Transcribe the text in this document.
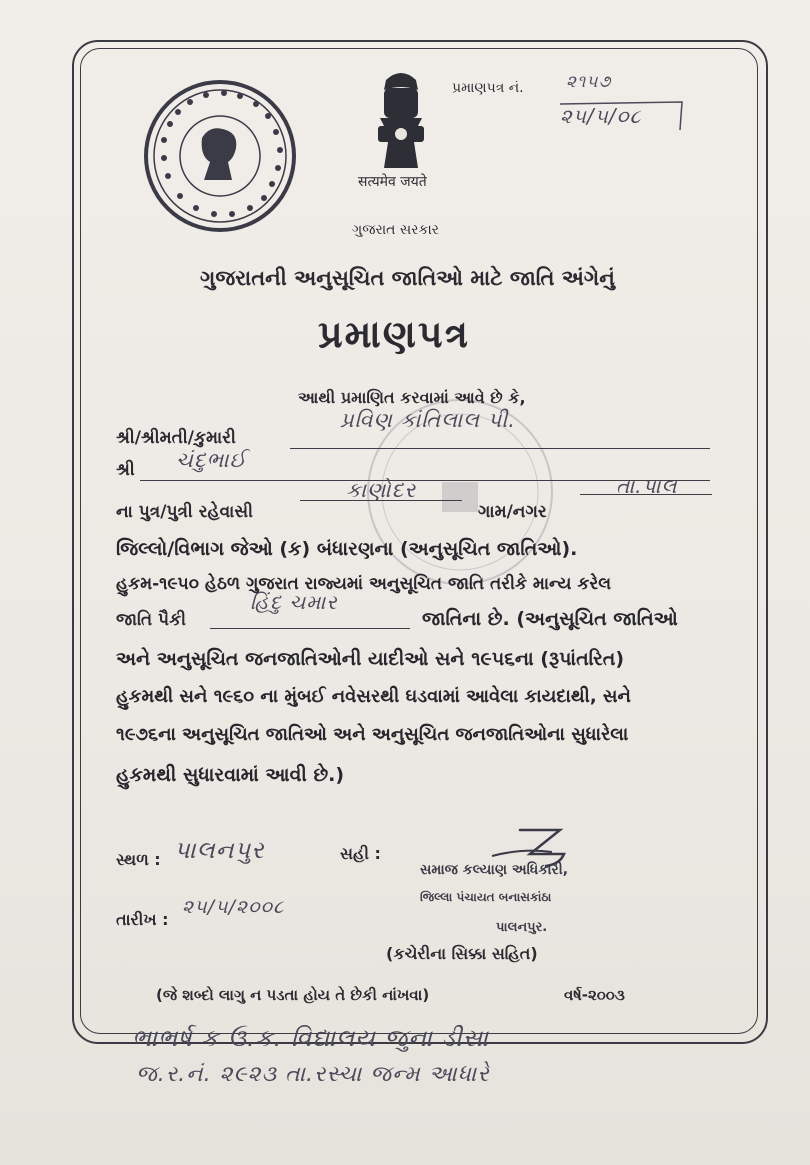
सत्यमेव जयते
પ્રમાણપત્ર નં. ૨૧૫૭
૨૫/૫/૦૮
ગુજરાત સરકાર
ગુજરાતની અનુસૂચિત જાતિઓ માટે જાતિ અંગેનું
પ્રમાણપત્ર
આથી પ્રમાણિત કરવામાં આવે છે કે,
શ્રી/શ્રીમતી/કુમારી
પ્રવિણ કાંતિલાલ પી.
શ્રી ચંદુભાઈ
ના પુત્ર/પુત્રી રહેવાસી
કાણોદર
ગામ/નગર
તા.પાલ
જિલ્લો/વિભાગ જેઓ (ક) બંધારણના (અનુસૂચિત જાતિઓ).
હુકમ-૧૯૫૦ હેઠળ ગુજરાત રાજ્યમાં અનુસૂચિત જાતિ તરીકે માન્ય કરેલ
જાતિ પૈકી
હિંદુ ચમાર
જાતિના છે. (અનુસૂચિત જાતિઓ
અને અનુસૂચિત જનજાતિઓની યાદીઓ સને ૧૯૫૬ના (રૂપાંતરિત)
હુકમથી સને ૧૯૬૦ ના મુંબઈ નવેસરથી ઘડવામાં આવેલા કાયદાથી, સને
૧૯૭૬ના અનુસૂચિત જાતિઓ અને અનુસૂચિત જનજાતિઓના સુધારેલા
હુકમથી સુધારવામાં આવી છે.)
સ્થળ : પાલનપુર	સહી :
સમાજ કલ્યાણ અધિકારી,
જિલ્લા પંચાયત બનાસકાંઠા
પાલનપુર.
(કચેરીના સિક્કા સહિત)
તારીખ :
૨૫/૫/૨૦૦૮
(જે શબ્દો લાગુ ન પડતા હોય તે છેકી નાંખવા)	વર્ષ-૨૦૦૩
ભાભર્ષ ક ઉ.ક. વિદ્યાલય જુના ડીસા
જ.ર.નં. ૨૯૨૩ તા.રસ્ચા જન્મ આધારે
